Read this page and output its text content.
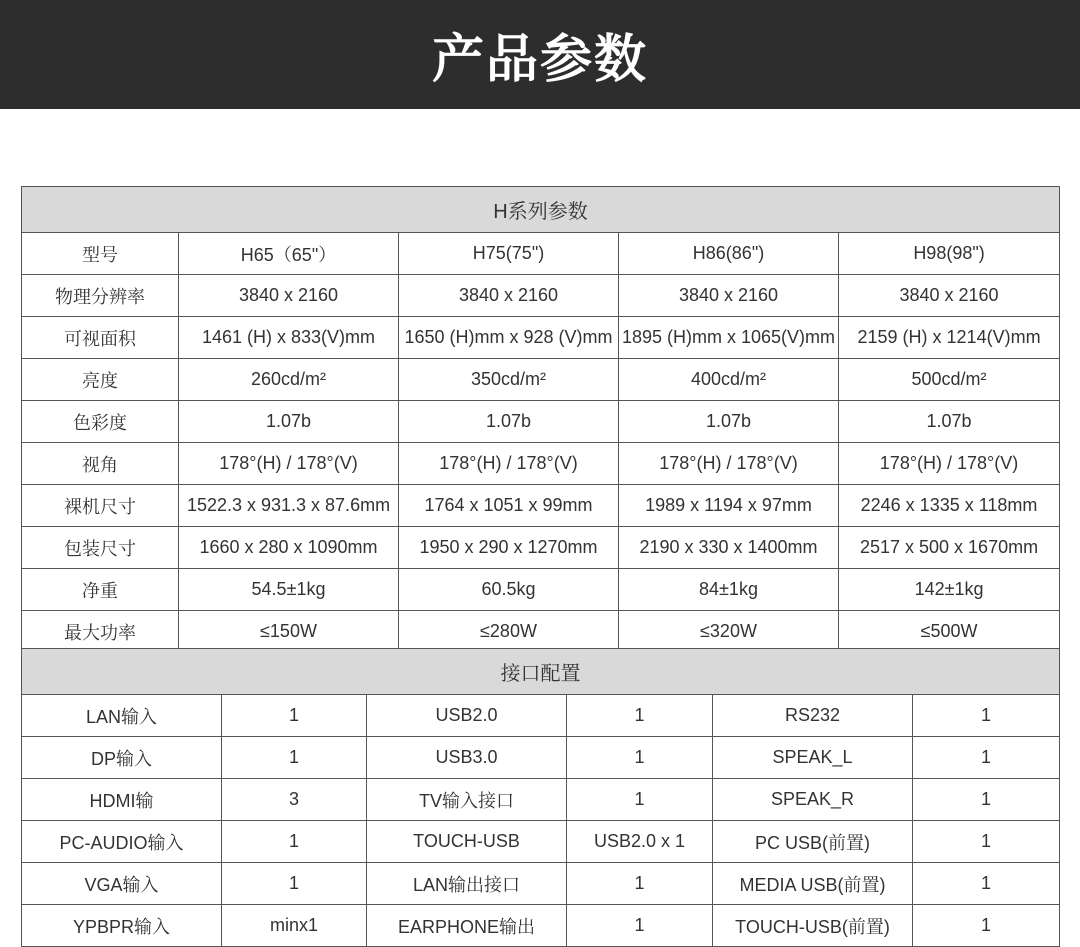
产品参数
H系列参数				
型号	H65（65"）	H75(75")	H86(86")	H98(98")
物理分辨率	3840 x 2160	3840 x 2160	3840 x 2160	3840 x 2160
可视面积	1461 (H) x 833(V)mm	1650 (H)mm x 928 (V)mm	1895 (H)mm x 1065(V)mm	2159 (H) x 1214(V)mm
亮度	260cd/m²	350cd/m²	400cd/m²	500cd/m²
色彩度	1.07b	1.07b	1.07b	1.07b
视角	178°(H) / 178°(V)	178°(H) / 178°(V)	178°(H) / 178°(V)	178°(H) / 178°(V)
裸机尺寸	1522.3 x 931.3 x 87.6mm	1764 x 1051 x 99mm	1989 x 1194 x 97mm	2246 x 1335 x 118mm
包装尺寸	1660 x 280 x 1090mm	1950 x 290 x 1270mm	2190 x 330 x 1400mm	2517 x 500 x 1670mm
净重	54.5±1kg	60.5kg	84±1kg	142±1kg
最大功率	≤150W	≤280W	≤320W	≤500W
接口配置					
LAN输入	1	USB2.0	1	RS232	1
DP输入	1	USB3.0	1	SPEAK_L	1
HDMI输	3	TV输入接口	1	SPEAK_R	1
PC-AUDIO输入	1	TOUCH-USB	USB2.0 x 1	PC USB(前置)	1
VGA输入	1	LAN输出接口	1	MEDIA USB(前置)	1
YPBPR输入	minx1	EARPHONE输出	1	TOUCH-USB(前置)	1
